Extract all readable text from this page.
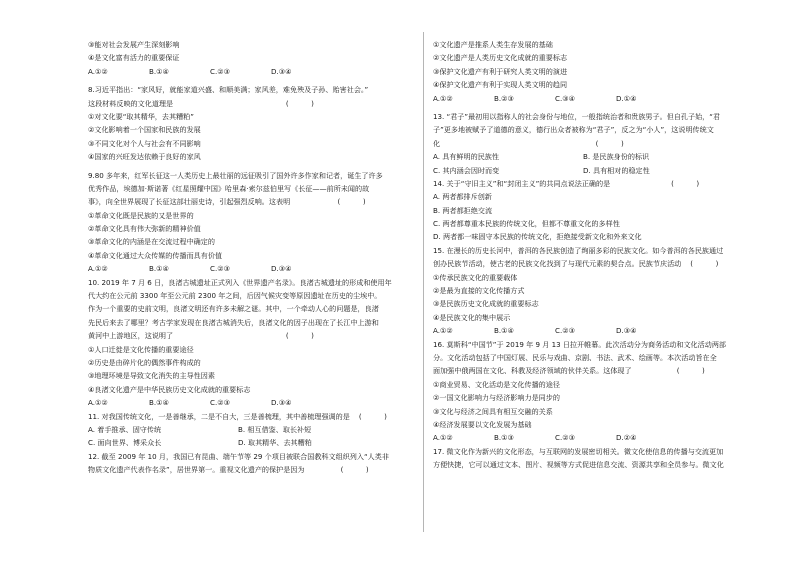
③能对社会发展产生深刻影响
④是文化富有活力的重要保证
A.①②	B.①④	C.②③	D.③④
8.习近平指出：“家风好，就能家道兴盛、和顺美满；家风差，难免殃及子孙、贻害社会。”
这段材料反映的文化道理是                                                  (          )
①对文化要“取其精华，去其糟粕”
②文化影响着一个国家和民族的发展
③不同文化对个人与社会有不同影响
④国家的兴旺发达依赖于良好的家风
9.80 多年来，红军长征这一人类历史上最壮丽的远征吸引了国外许多作家和记者，诞生了许多
优秀作品，埃德加·斯诺著《红星照耀中国》哈里森·索尔兹伯里写《长征——前所未闻的故
事》，向全世界展现了长征这部壮丽史诗，引起强烈反响。这表明                     (          )
①革命文化既是民族的又是世界的
②革命文化具有伟大弥新的精神价值
③革命文化的内涵是在交流过程中确定的
④革命文化通过大众传媒的传播而具有价值
A.①②	B.①④	C.②③	D.③④
10. 2019 年 7 月 6 日，良渚古城遗址正式列入《世界遗产名录》。良渚古城遗址的形成和使用年
代大约在公元前 3300 年至公元前 2300 年之间，后因气候灾变等原因遗址在历史的尘埃中。
作为一个重要的史前文明，良渚文明还有许多未解之谜。其中，一个牵动人心的问题是，良渚
先民后来去了哪里？考古学家发现在良渚古城消失后，良渚文化的因子出现在了长江中上游和
黄河中上游地区，这说明了                                                  (          )
①人口迁徙是文化传播的重要途径
②历史是由碎片化的偶然事件构成的
③地理环境是导致文化消失的主导性因素
④良渚文化遗产是中华民族历史文化成就的重要标志
A.①②	B.①④	C.②③	D.③④
11. 对我国传统文化，一是善继承，二是不自大，三是善梳理，其中善梳理强调的是    (          )
A. 着手推承、固守传统	B. 相互借鉴、取长补短
C. 面向世界、博采众长	D. 取其精华、去其糟粕
12. 截至 2009 年 10 月，我国已有昆曲、端午节等 29 个项目被联合国教科文组织列入“人类非
物质文化遗产代表作名录”，居世界第一。重视文化遗产的保护是因为                (          )
①文化遗产是推系人类生存发展的基础
②文化遗产是人类历史文化成就的重要标志
③保护文化遗产有利于研究人类文明的演进
④保护文化遗产有利于实现人类文明的趋同
A.①②	B.②③	C.③④	D.①④
13. “君子”最初用以指称人的社会身份与地位，一般指统治者和贵族男子。但自孔子始，“君
子”更多地被赋予了道德的意义，德行出众者被称为“君子”，反之为“小人”，这说明传统文
化                                                                     (          )
A. 具有鲜明的民族性	B. 是民族身份的标识
C. 其内涵会因时而变	D. 具有相对的稳定性
14. 关于“守旧主义”和“封闭主义”的共同点说法正确的是                           (          )
A. 两者都排斥创新
B. 两者都拒绝交流
C. 两者都尊重本民族的传统文化，但都不尊重文化的多样性
D. 两者都一味固守本民族的传统文化，拒绝接受新文化和外来文化
15. 在漫长的历史长河中，普洱的各民族创造了绚丽多彩的民族文化。如今普洱的各民族通过
创办民族节活动，使古老的民族文化找到了与现代元素的契合点。民族节庆活动    (          )
①传承民族文化的重要载体
②是最为直接的文化传播方式
③是民族历史文化成就的重要标志
④是民族文化的集中展示
A.①②	B.①④	C.②③	D.③④
16. 莫斯科“中国节”于 2019 年 9 月 13 日拉开帷幕。此次活动分为商务活动和文化活动两部
分。文化活动包括了中国灯展、民乐与戏曲、京剧、书法、武术、绘画等。本次活动旨在全
面加强中俄两国在文化、科教及经济领域的伙伴关系。这体现了                    (          )
①商业贸易、文化活动是文化传播的途径
②一国文化影响力与经济影响力是同步的
③文化与经济之间具有相互交融的关系
④经济发展要以文化发展为基础
A.①②	B.①③	C.②③	D.②④
17. 微文化作为新兴的文化形态，与互联网的发展密切相关。微文化使信息的传播与交流更加
方便快捷，它可以通过文本、图片、视频等方式促进信息交流、资源共享和全员参与。微文化
